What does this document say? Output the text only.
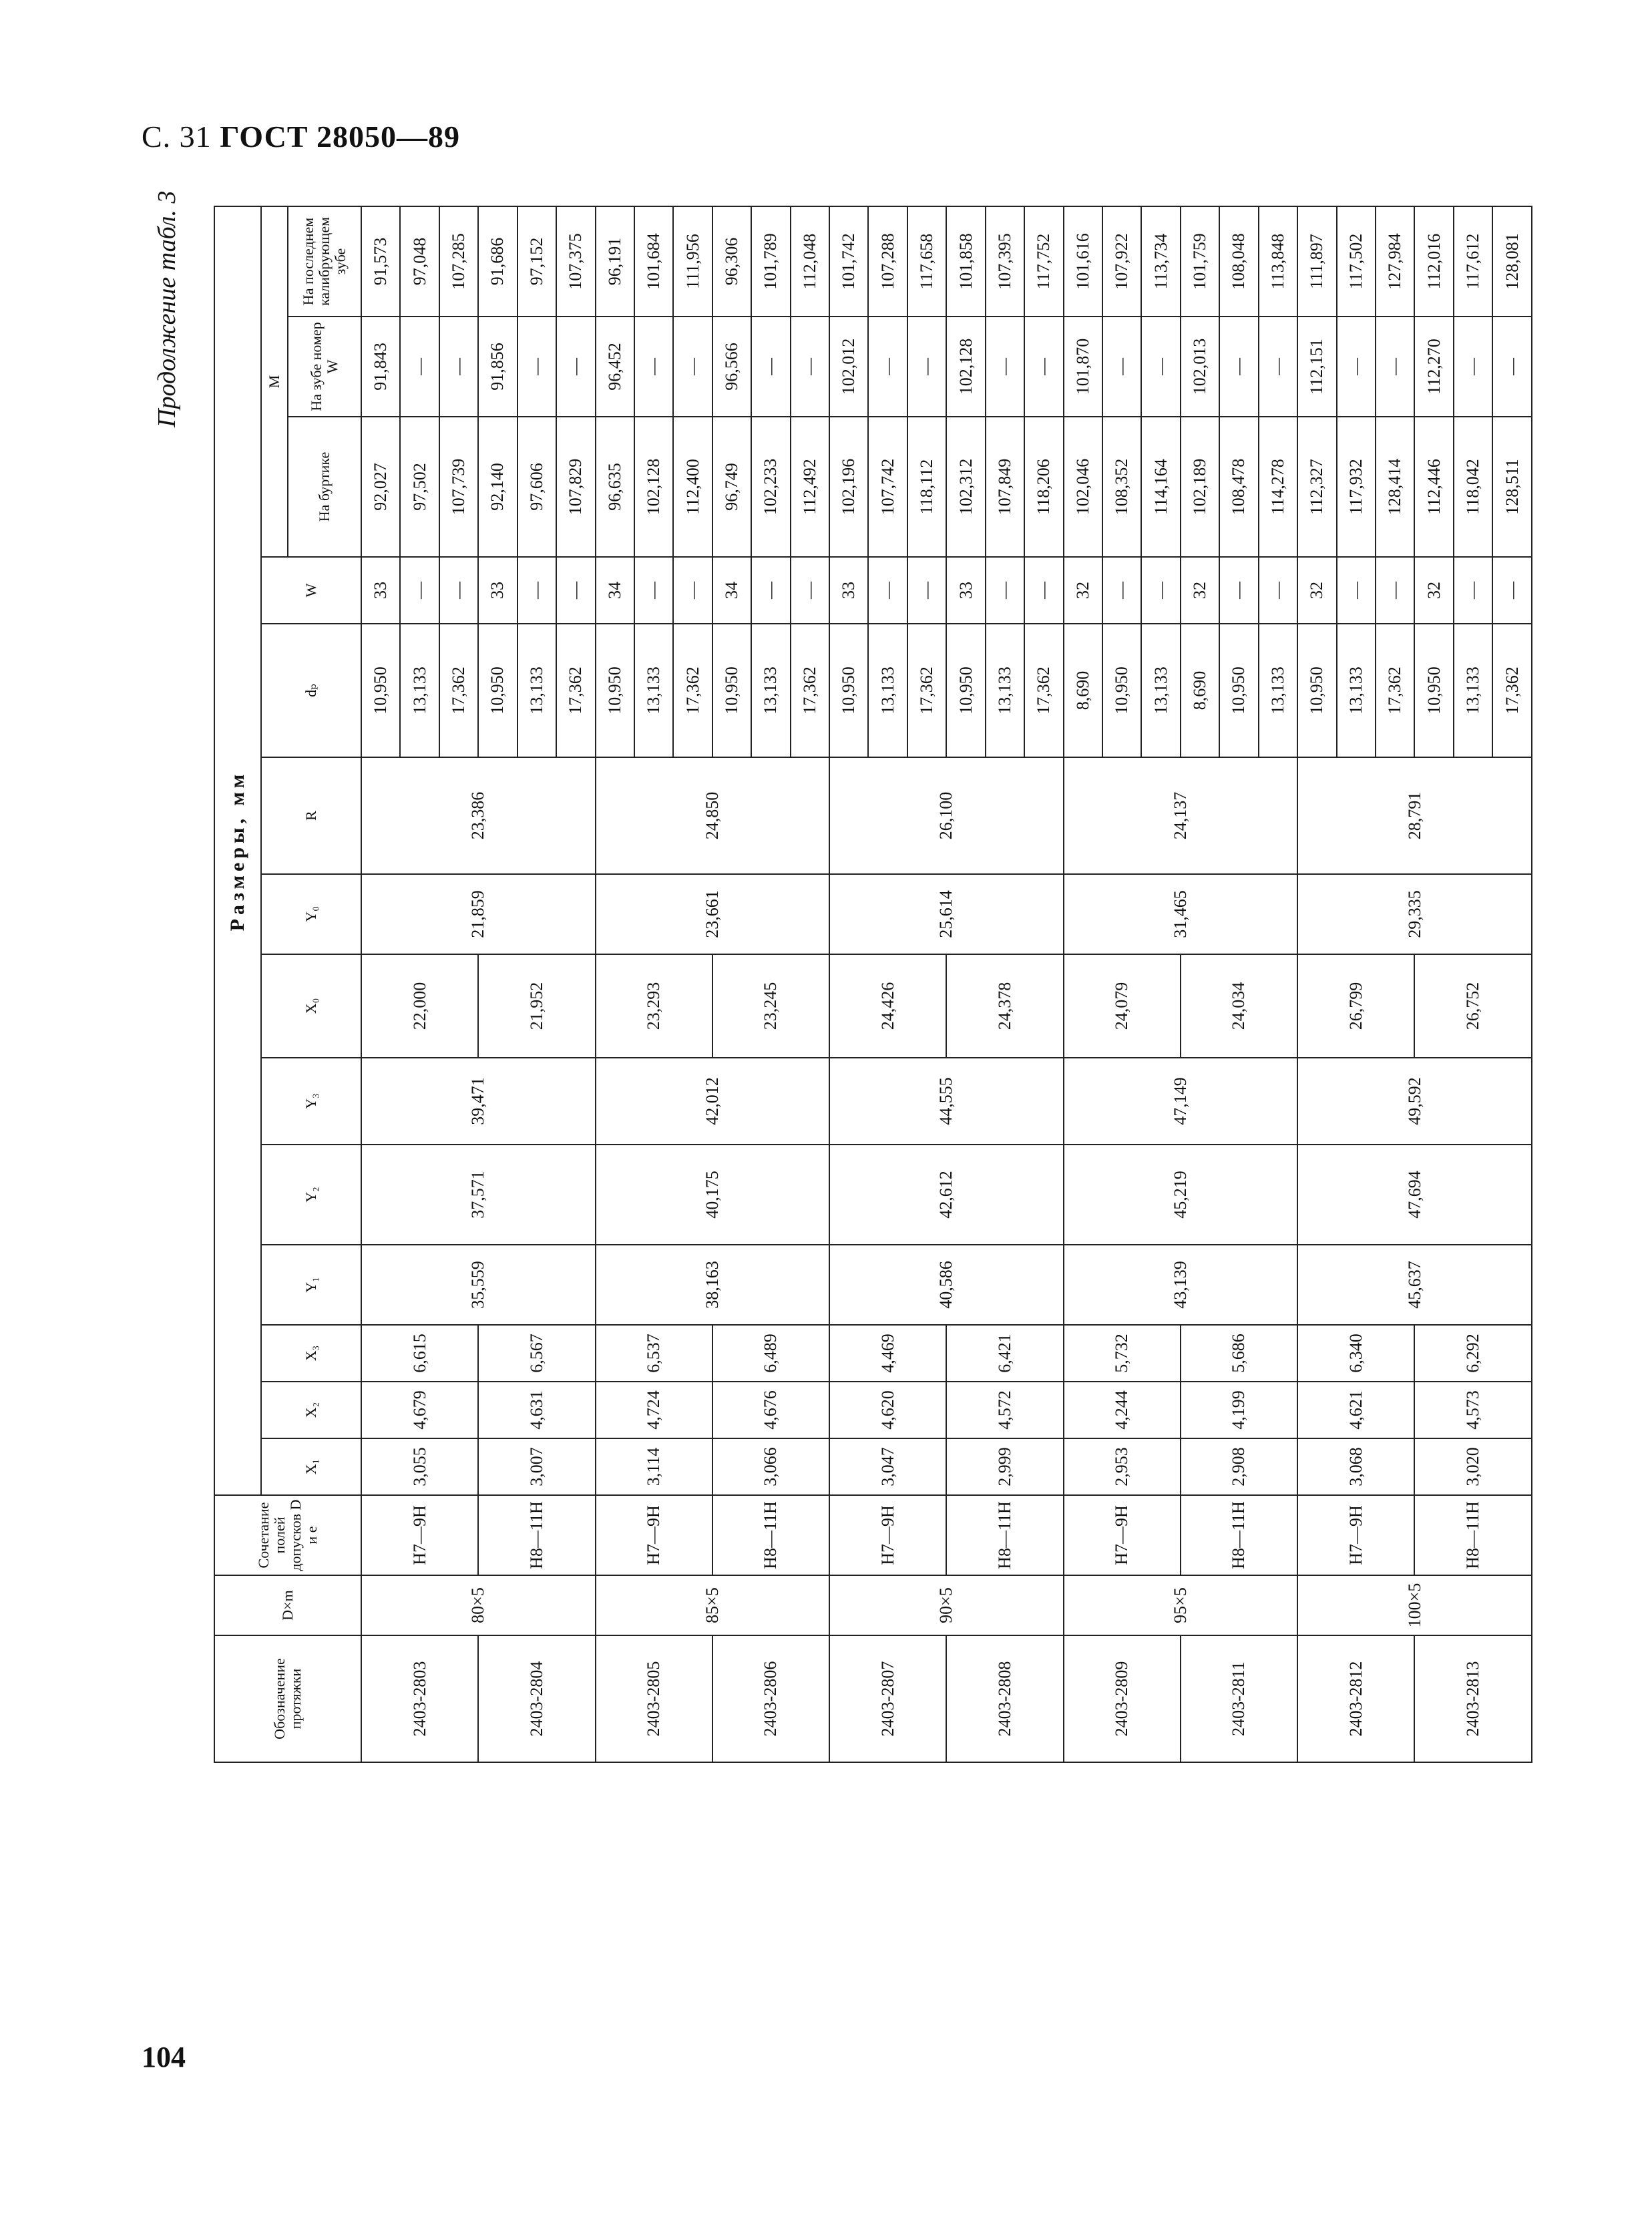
С. 31 ГОСТ 28050—89
Продолжение табл. 3
Обозначение протяжки	D×m	Сочетание полей допусков D и e	Размеры, мм													
			X₁	X₂	X₃	Y₁	Y₂	Y₃	X₀	Y₀	R	dₚ	W	M		
														На буртике	На зубе номер W	На последнем калибрующем зубе
2403-2803	80×5	H7—9H	3,055	4,679	6,615	35,559	37,571	39,471	22,000	21,859	23,386	10,950	33	92,027	91,843	91,573
												13,133	—	97,502	—	97,048
												17,362	—	107,739	—	107,285
2403-2804		H8—11H	3,007	4,631	6,567				21,952			10,950	33	92,140	91,856	91,686
												13,133	—	97,606	—	97,152
												17,362	—	107,829	—	107,375
2403-2805	85×5	H7—9H	3,114	4,724	6,537	38,163	40,175	42,012	23,293	23,661	24,850	10,950	34	96,635	96,452	96,191
												13,133	—	102,128	—	101,684
												17,362	—	112,400	—	111,956
2403-2806		H8—11H	3,066	4,676	6,489				23,245			10,950	34	96,749	96,566	96,306
												13,133	—	102,233	—	101,789
												17,362	—	112,492	—	112,048
2403-2807	90×5	H7—9H	3,047	4,620	4,469	40,586	42,612	44,555	24,426	25,614	26,100	10,950	33	102,196	102,012	101,742
												13,133	—	107,742	—	107,288
												17,362	—	118,112	—	117,658
2403-2808		H8—11H	2,999	4,572	6,421				24,378			10,950	33	102,312	102,128	101,858
												13,133	—	107,849	—	107,395
												17,362	—	118,206	—	117,752
2403-2809	95×5	H7—9H	2,953	4,244	5,732	43,139	45,219	47,149	24,079	31,465	24,137	8,690	32	102,046	101,870	101,616
												10,950	—	108,352	—	107,922
												13,133	—	114,164	—	113,734
2403-2811		H8—11H	2,908	4,199	5,686				24,034			8,690	32	102,189	102,013	101,759
												10,950	—	108,478	—	108,048
												13,133	—	114,278	—	113,848
2403-2812	100×5	H7—9H	3,068	4,621	6,340	45,637	47,694	49,592	26,799	29,335	28,791	10,950	32	112,327	112,151	111,897
												13,133	—	117,932	—	117,502
												17,362	—	128,414	—	127,984
2403-2813		H8—11H	3,020	4,573	6,292				26,752			10,950	32	112,446	112,270	112,016
												13,133	—	118,042	—	117,612
												17,362	—	128,511	—	128,081
104
